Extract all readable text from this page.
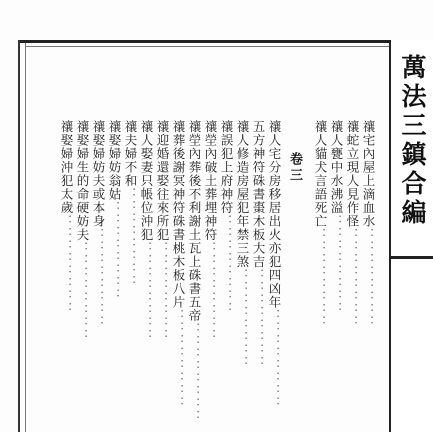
萬法三鎮合編
禳宅內屋上滴血水：：：：：：：：
禳蛇立現人見作怪：：：：：：：：
禳人甕中水沸溢：：：：：：：：
禳人貓犬言語死亡：：：：：：：：
卷三
禳人宅分房移居出火亦犯四凶年：：：：：：：：
五方神符硃書棗木板大吉：：：：：：：：
禳人修造房屋犯年禁三煞：：：：：：：：
禳誤犯上府神符：：：：：：：：
禳塋內破土葬埋神符：：：：：：：：
禳塋內葬後不利謝土瓦上硃書五帝：：：：：：：：
禳葬後謝冥神符硃書桃木板八片：：：：：：：：
禳迎婚還娶往來所犯：：：：：：：：
禳人娶妻只帳位沖犯：：：：：：：：
禳夫婦不和：：：：：：：：
禳娶婦妨翁姑：：：：：：：：
禳娶婦妨夫或本身：：：：：：：：
禳娶婦生的命硬妨夫：：：：：：：：
禳娶婦沖犯太歲：：：：：：：：
